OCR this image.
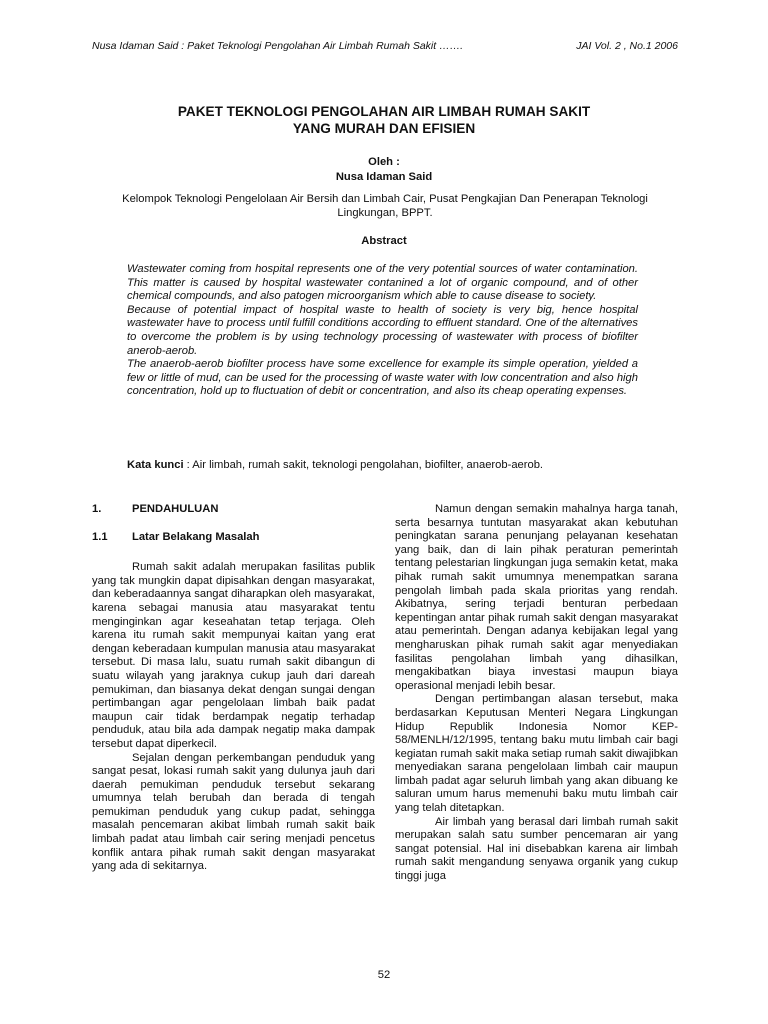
Nusa Idaman Said : Paket Teknologi Pengolahan Air Limbah Rumah Sakit …….	JAI Vol. 2 , No.1 2006
PAKET TEKNOLOGI PENGOLAHAN AIR LIMBAH RUMAH SAKIT
YANG MURAH DAN EFISIEN
Oleh :
Nusa Idaman Said
Kelompok Teknologi Pengelolaan Air Bersih dan Limbah Cair, Pusat Pengkajian Dan Penerapan Teknologi Lingkungan, BPPT.
Abstract

Wastewater coming from hospital represents one of the very potential sources of water contamination. This matter is caused by hospital wastewater contanined a lot of organic compound, and of other chemical compounds, and also patogen microorganism which able to cause disease to society.

Because of potential impact of hospital waste to health of society is very big, hence hospital wastewater have to process until fulfill conditions according to effluent standard. One of the alternatives to overcome the problem is by using technology processing of wastewater with process of biofilter anerob-aerob.

The anaerob-aerob biofilter process have some excellence for example its simple operation, yielded a few or little of mud, can be used for the processing of waste water with low concentration and also high concentration, hold up to fluctuation of debit or concentration, and also its cheap operating expenses.

Kata kunci : Air limbah, rumah sakit, teknologi pengolahan, biofilter, anaerob-aerob.
1.	PENDAHULUAN
1.1	Latar Belakang Masalah

Rumah sakit adalah merupakan fasilitas publik yang tak mungkin dapat dipisahkan dengan masyarakat, dan keberadaannya sangat diharapkan oleh masyarakat, karena sebagai manusia atau masyarakat tentu menginginkan agar keseahatan tetap terjaga. Oleh karena itu rumah sakit mempunyai kaitan yang erat dengan keberadaan kumpulan manusia atau masyarakat tersebut. Di masa lalu, suatu rumah sakit dibangun di suatu wilayah yang jaraknya cukup jauh dari dareah pemukiman, dan biasanya dekat dengan sungai dengan pertimbangan agar pengelolaan limbah baik padat maupun cair tidak berdampak negatip terhadap penduduk, atau bila ada dampak negatip maka dampak tersebut dapat diperkecil.

Sejalan dengan perkembangan penduduk yang sangat pesat, lokasi rumah sakit yang dulunya jauh dari daerah pemukiman penduduk tersebut sekarang umumnya telah berubah dan berada di tengah pemukiman penduduk yang cukup padat, sehingga masalah pencemaran akibat limbah rumah sakit baik limbah padat atau limbah cair sering menjadi pencetus konflik antara pihak rumah sakit dengan masyarakat yang ada di sekitarnya.

Namun dengan semakin mahalnya harga tanah, serta besarnya tuntutan masyarakat akan kebutuhan peningkatan sarana penunjang pelayanan kesehatan yang baik, dan di lain pihak peraturan pemerintah tentang pelestarian lingkungan juga semakin ketat, maka pihak rumah sakit umumnya menempatkan sarana pengolah limbah pada skala prioritas yang rendah. Akibatnya, sering terjadi benturan perbedaan kepentingan antar pihak rumah sakit dengan masyarakat atau pemerintah. Dengan adanya kebijakan legal yang mengharuskan pihak rumah sakit agar menyediakan fasilitas pengolahan limbah yang dihasilkan, mengakibatkan biaya investasi maupun biaya operasional menjadi lebih besar.

Dengan pertimbangan alasan tersebut, maka berdasarkan Keputusan Menteri Negara Lingkungan Hidup Republik Indonesia Nomor KEP-58/MENLH/12/1995, tentang baku mutu limbah cair bagi kegiatan rumah sakit maka setiap rumah sakit diwajibkan menyediakan sarana pengelolaan limbah cair maupun limbah padat agar seluruh limbah yang akan dibuang ke saluran umum harus memenuhi baku mutu limbah cair yang telah ditetapkan.

Air limbah yang berasal dari limbah rumah sakit merupakan salah satu sumber pencemaran air yang sangat potensial. Hal ini disebabkan karena air limbah rumah sakit mengandung senyawa organik yang cukup tinggi juga

52
